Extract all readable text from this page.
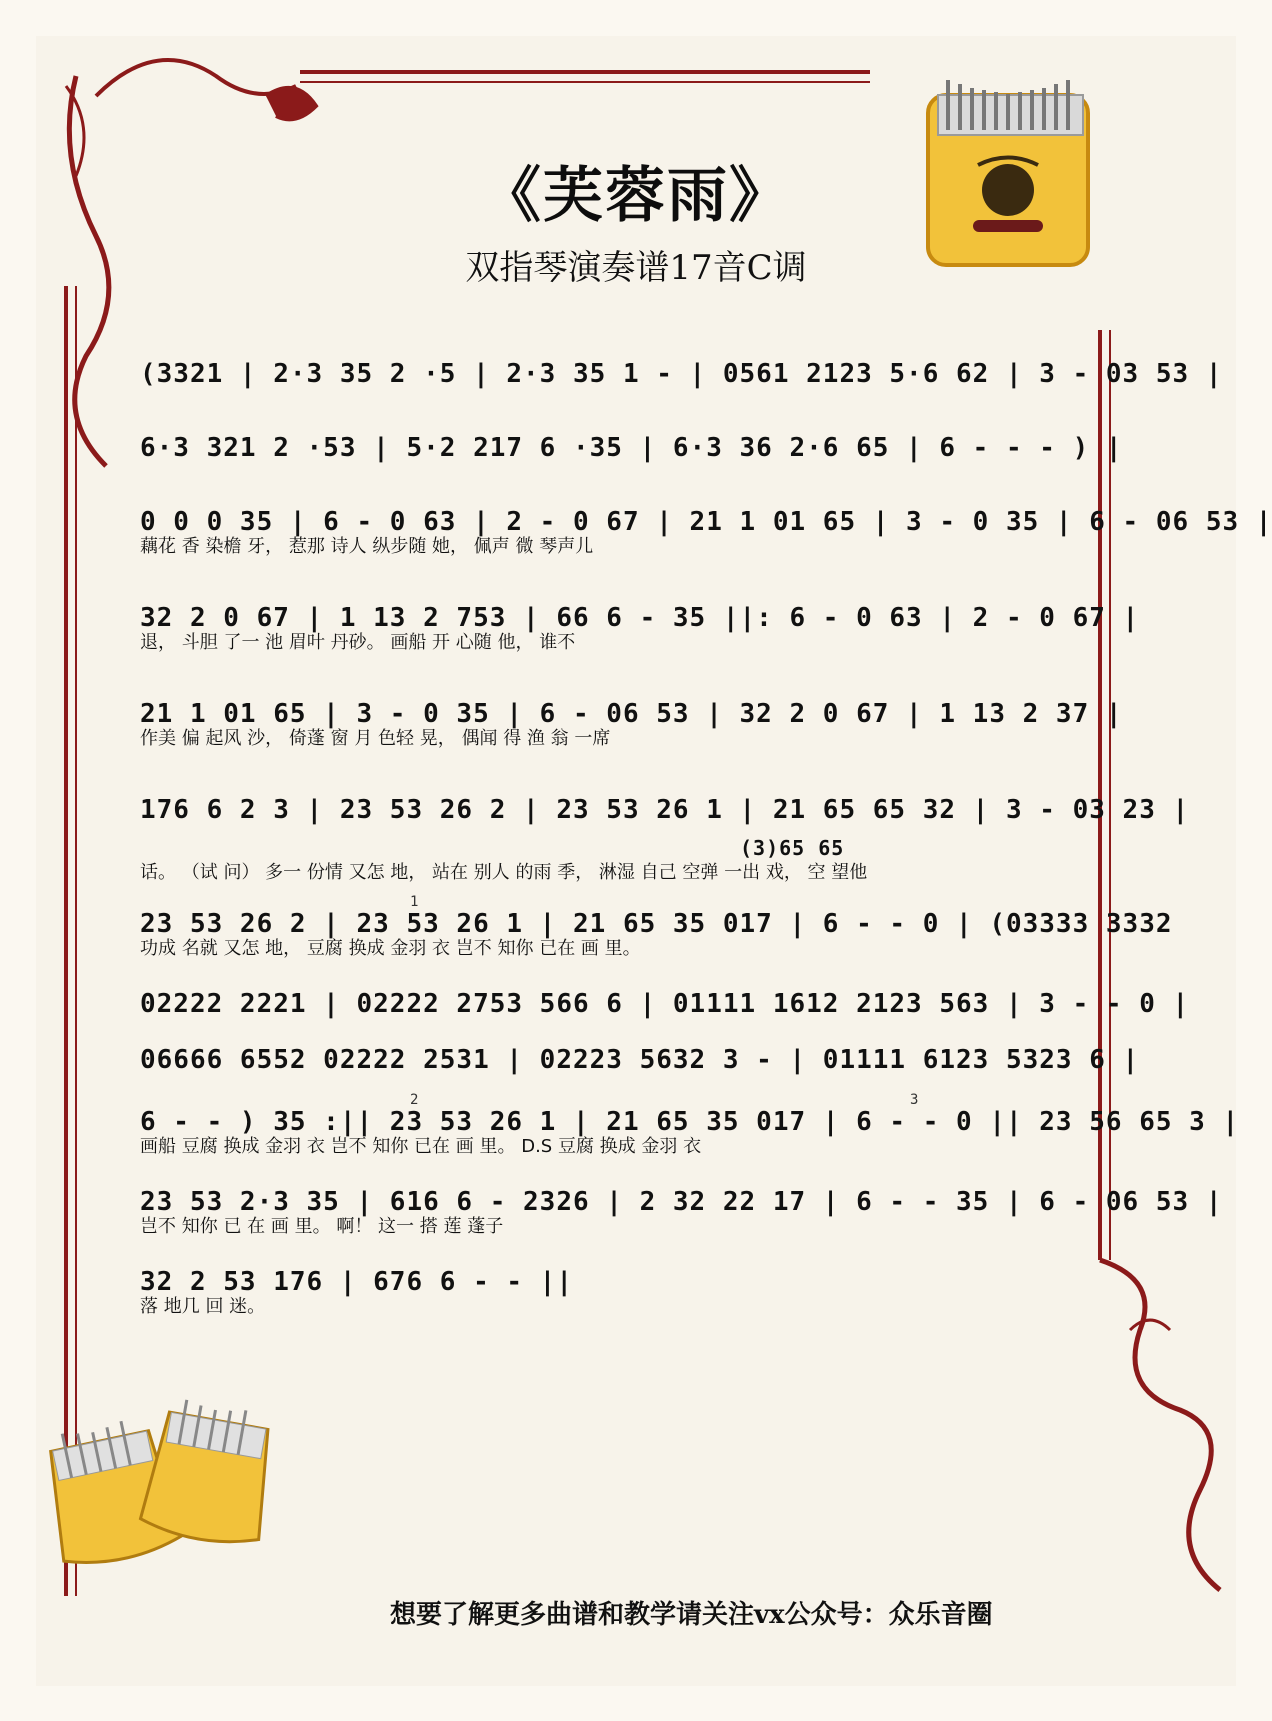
《芙蓉雨》
双指琴演奏谱17音C调
(3321 | 2·3 35 2 ·5 | 2·3 35 1 - | 0561 2123 5·6 62 | 3 - 03 53 |
6·3 321 2 ·53 | 5·2 217 6 ·35 | 6·3 36 2·6 65 | 6 - - - ) |
0 0 0 35 | 6 - 0 63 | 2 - 0 67 | 21 1 01 65 | 3 - 0 35 | 6 - 06 53 |
藕花 香 染檐 牙， 惹那 诗人 纵步随 她， 佩声 微 琴声儿
32 2 0 67 | 1 13 2 753 | 66 6 - 35 ||: 6 - 0 63 | 2 - 0 67 |
退， 斗胆 了一 池 眉叶 丹砂。 画船 开 心随 他， 谁不
21 1 01 65 | 3 - 0 35 | 6 - 06 53 | 32 2 0 67 | 1 13 2 37 |
作美 偏 起风 沙， 倚蓬 窗 月 色轻 晃， 偶闻 得 渔 翁 一席
176 6 2 3 | 23 53 26 2 | 23 53 26 1 | 21 65 65 32 | 3 - 03 23 |
(3)65 65
话。 （试 问） 多一 份情 又怎 地， 站在 别人 的雨 季， 淋湿 自己 空弹 一出 戏， 空 望他
1
23 53 26 2 | 23 53 26 1 | 21 65 35 017 | 6 - - 0 | (03333 3332
功成 名就 又怎 地， 豆腐 换成 金羽 衣 岂不 知你 已在 画 里。
02222 2221 | 02222 2753 566 6 | 01111 1612 2123 563 | 3 - - 0 |
06666 6552 02222 2531 | 02223 5632 3 - | 01111 6123 5323 6 |
2	3
6 - - ) 35 :|| 23 53 26 1 | 21 65 35 017 | 6 - - 0 || 23 56 65 3 |
画船 豆腐 换成 金羽 衣 岂不 知你 已在 画 里。 D.S 豆腐 换成 金羽 衣
23 53 2·3 35 | 616 6 - 2326 | 2 32 22 17 | 6 - - 35 | 6 - 06 53 |
岂不 知你 已 在 画 里。 啊！ 这一 搭 莲 蓬子
32 2 53 176 | 676 6 - - ||
落 地几 回 迷。
想要了解更多曲谱和教学请关注vx公众号：众乐音圈
